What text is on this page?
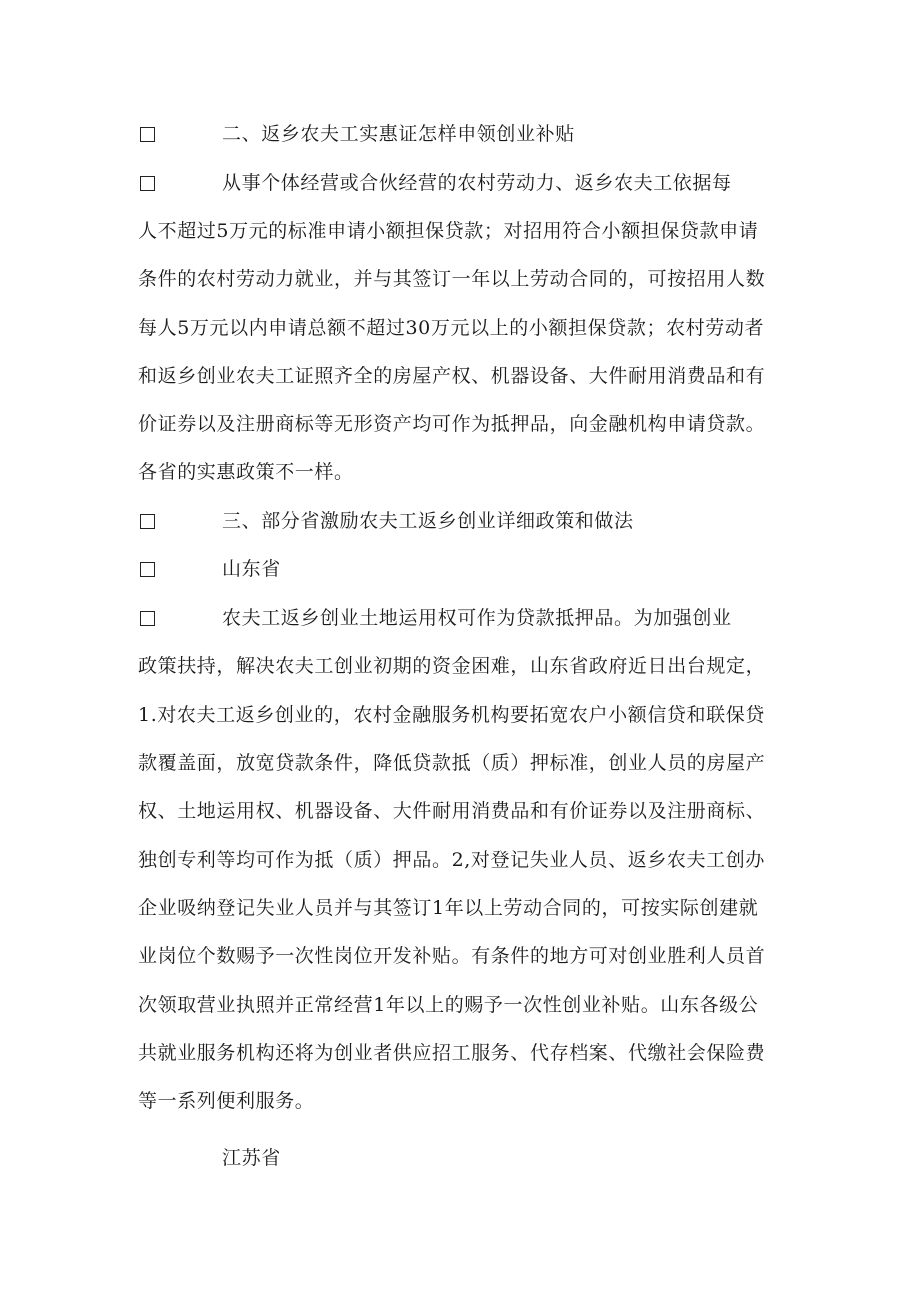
二、返乡农夫工实惠证怎样申领创业补贴
从事个体经营或合伙经营的农村劳动力、返乡农夫工依据每
人不超过5万元的标准申请小额担保贷款；对招用符合小额担保贷款申请
条件的农村劳动力就业，并与其签订一年以上劳动合同的，可按招用人数
每人5万元以内申请总额不超过30万元以上的小额担保贷款；农村劳动者
和返乡创业农夫工证照齐全的房屋产权、机器设备、大件耐用消费品和有
价证券以及注册商标等无形资产均可作为抵押品，向金融机构申请贷款。
各省的实惠政策不一样。
三、部分省激励农夫工返乡创业详细政策和做法
山东省
农夫工返乡创业土地运用权可作为贷款抵押品。为加强创业
政策扶持，解决农夫工创业初期的资金困难，山东省政府近日出台规定，
1.对农夫工返乡创业的，农村金融服务机构要拓宽农户小额信贷和联保贷
款覆盖面，放宽贷款条件，降低贷款抵（质）押标准，创业人员的房屋产
权、土地运用权、机器设备、大件耐用消费品和有价证券以及注册商标、
独创专利等均可作为抵（质）押品。2,对登记失业人员、返乡农夫工创办
企业吸纳登记失业人员并与其签订1年以上劳动合同的，可按实际创建就
业岗位个数赐予一次性岗位开发补贴。有条件的地方可对创业胜利人员首
次领取营业执照并正常经营1年以上的赐予一次性创业补贴。山东各级公
共就业服务机构还将为创业者供应招工服务、代存档案、代缴社会保险费
等一系列便利服务。
江苏省
